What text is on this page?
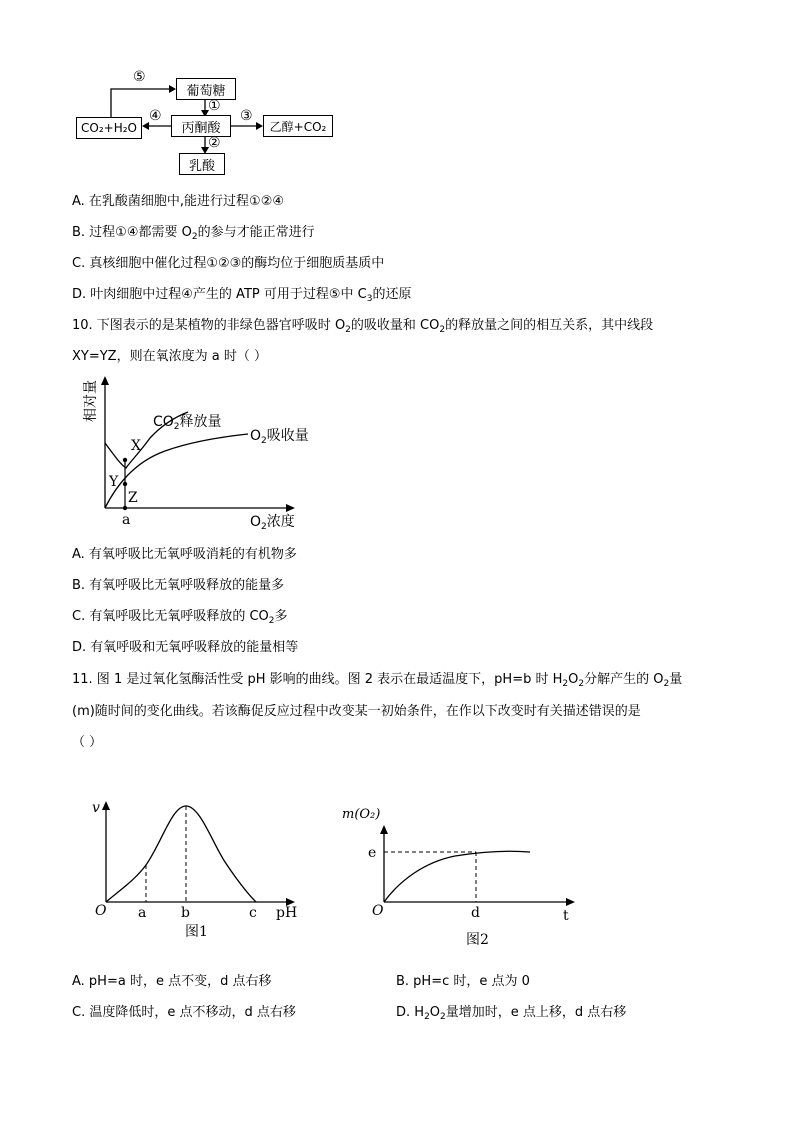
葡萄糖
丙酮酸
乳酸
CO₂+H₂O	乙醇+CO₂
⑤
①
②
③
④
A. 在乳酸菌细胞中,能进行过程①②④
B. 过程①④都需要 $O_2$的参与才能正常进行
C. 真核细胞中催化过程①②③的酶均位于细胞质基质中
D. 叶肉细胞中过程④产生的 ATP 可用于过程⑤中 $C_3$的还原
10. 下图表示的是某植物的非绿色器官呼吸时 $O_2$的吸收量和 $CO_2$的释放量之间的相互关系，其中线段
XY=YZ，则在氧浓度为 a 时（ ）
相对量	$CO_2$释放量
$O_2$吸收量
X
Y
Z
a	$O_2$浓度
A. 有氧呼吸比无氧呼吸消耗的有机物多
B. 有氧呼吸比无氧呼吸释放的能量多
C. 有氧呼吸比无氧呼吸释放的 $CO_2$多
D. 有氧呼吸和无氧呼吸释放的能量相等
11. 图 1 是过氧化氢酶活性受 pH 影响的曲线。图 2 表示在最适温度下，pH=b 时 $H_2O_2$分解产生的 $O_2$量
(m)随时间的变化曲线。若该酶促反应过程中改变某一初始条件，在作以下改变时有关描述错误的是
（ ）
v
O a b	c pH
图1
m(O₂)
e
O	d	t
图2
A. pH=a 时，e 点不变，d 点右移	B. pH=c 时，e 点为 0
C. 温度降低时，e 点不移动，d 点右移	D. $H_2O_2$量增加时，e 点上移，d 点右移
